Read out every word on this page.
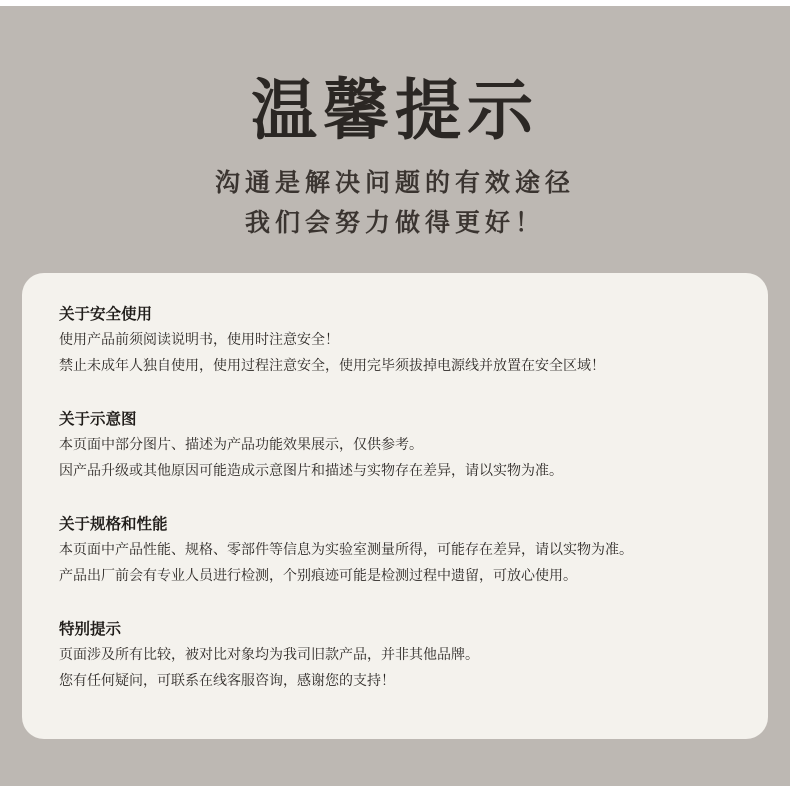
温馨提示
沟通是解决问题的有效途径
我们会努力做得更好！
关于安全使用
使用产品前须阅读说明书，使用时注意安全！
禁止未成年人独自使用，使用过程注意安全，使用完毕须拔掉电源线并放置在安全区域！
关于示意图
本页面中部分图片、描述为产品功能效果展示，仅供参考。
因产品升级或其他原因可能造成示意图片和描述与实物存在差异，请以实物为准。
关于规格和性能
本页面中产品性能、规格、零部件等信息为实验室测量所得，可能存在差异，请以实物为准。
产品出厂前会有专业人员进行检测，个别痕迹可能是检测过程中遗留，可放心使用。
特别提示
页面涉及所有比较，被对比对象均为我司旧款产品，并非其他品牌。
您有任何疑问，可联系在线客服咨询，感谢您的支持！
